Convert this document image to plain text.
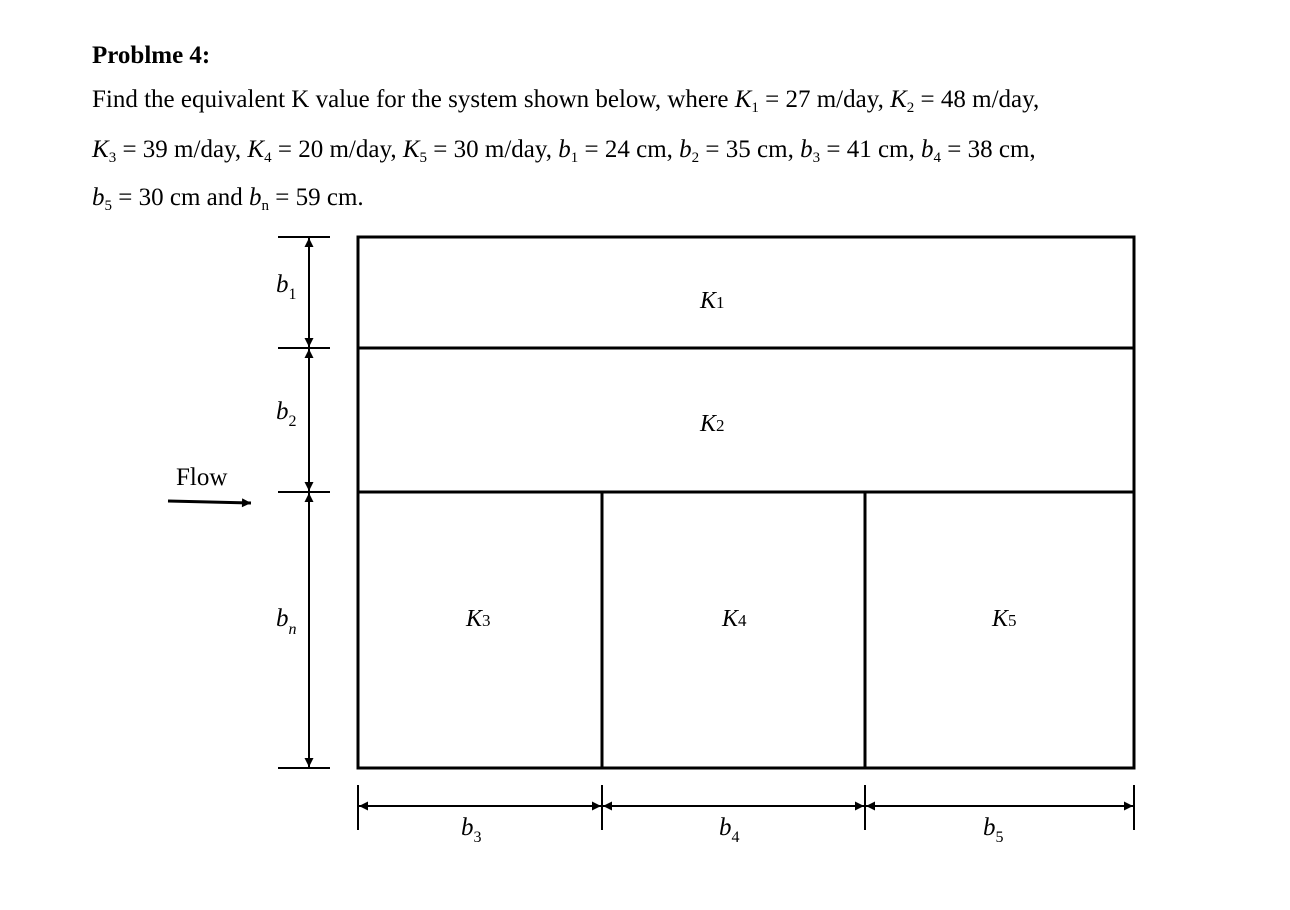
Problme 4:
Find the equivalent K value for the system shown below, where $K_1 = 27$ m/day, $K_2 = 48$ m/day,
$K_3 = 39$ m/day, $K_4 = 20$ m/day, $K_5 = 30$ m/day, $b_1 = 24$ cm, $b_2 = 35$ cm, $b_3 = 41$ cm, $b_4 = 38$ cm,
$b_5 = 30$ cm and $b_n = 59$ cm.
K1
K2
K3	K4	K5
$b_1$
$b_2$
$b_n$
$b_3$	$b_4$	$b_5$
Flow
